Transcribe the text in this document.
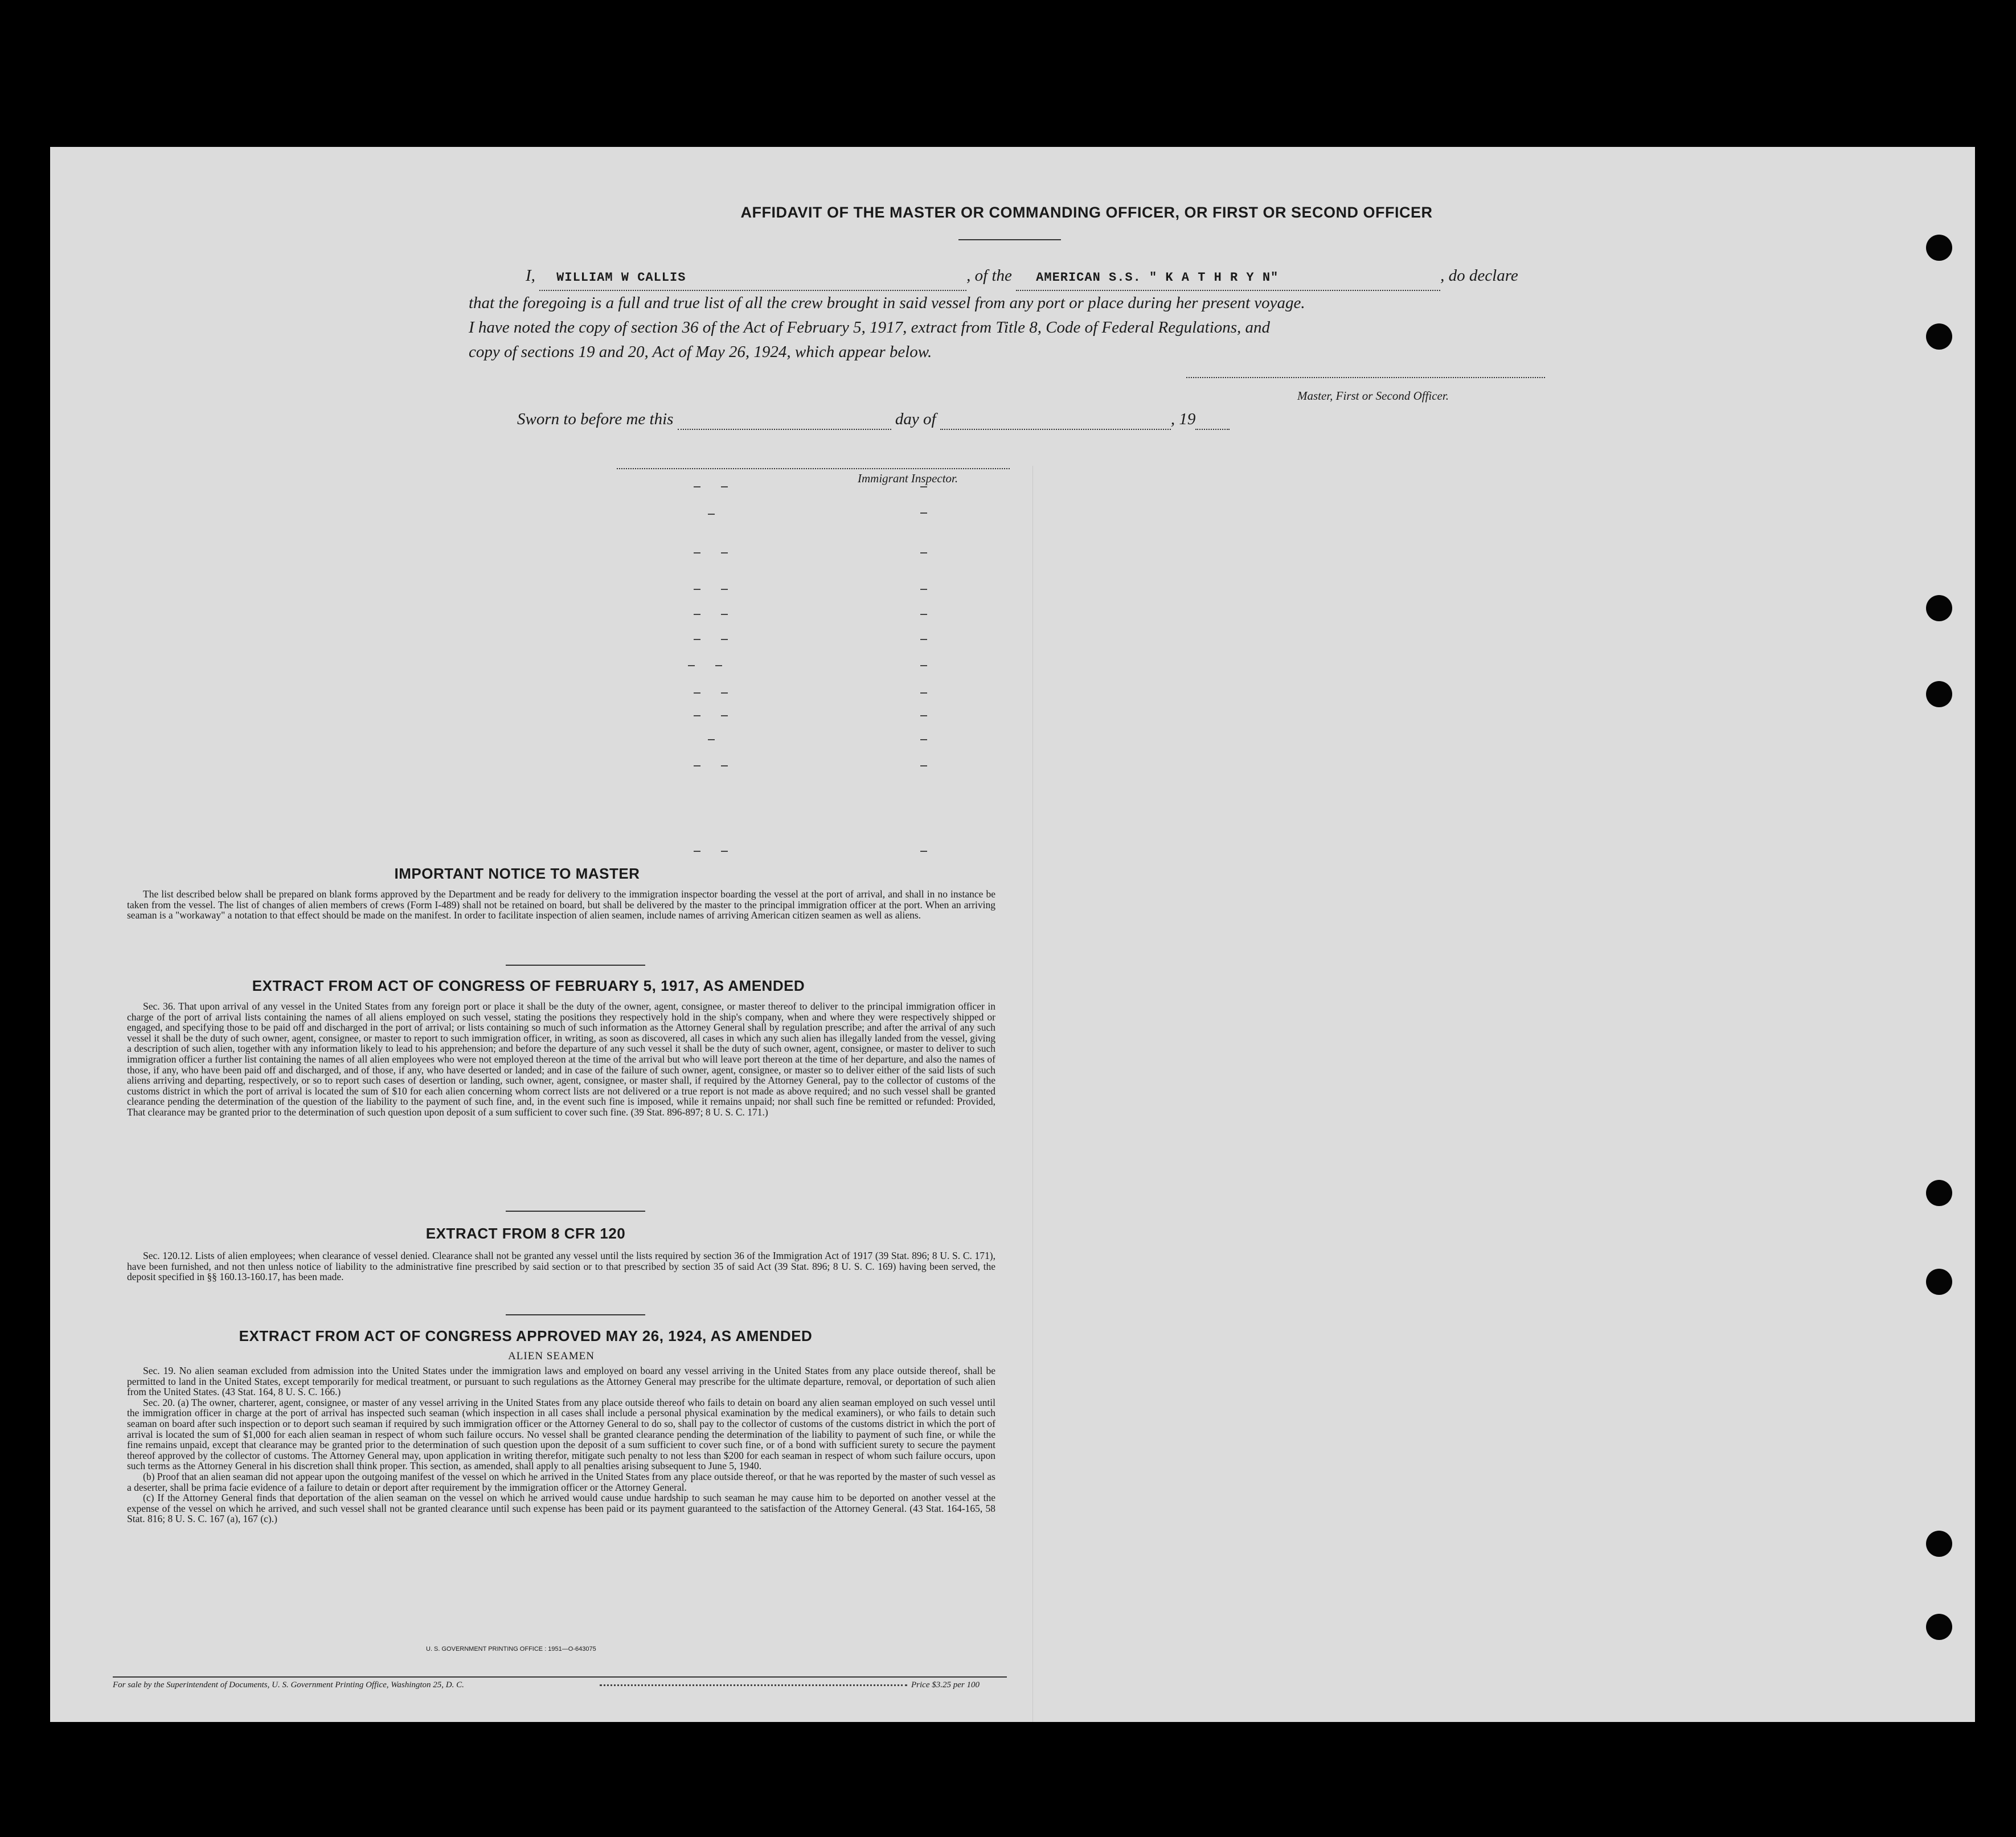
AFFIDAVIT OF THE MASTER OR COMMANDING OFFICER, OR FIRST OR SECOND OFFICER
I, WILLIAM W CALLIS	, of the AMERICAN S.S. " K A T H R Y N"	, do declare
that the foregoing is a full and true list of all the crew brought in said vessel from any port or place during her present voyage.
I have noted the copy of section 36 of the Act of February 5, 1917, extract from Title 8, Code of Federal Regulations, and
copy of sections 19 and 20, Act of May 26, 1924, which appear below.
Master, First or Second Officer.
Sworn to before me this	day of	, 19
Immigrant Inspector.
IMPORTANT NOTICE TO MASTER

The list described below shall be prepared on blank forms approved by the Department and be ready for delivery to the immigration inspector boarding the vessel at the port of arrival, and shall in no instance be taken from the vessel. The list of changes of alien members of crews (Form I-489) shall not be retained on board, but shall be delivered by the master to the principal immigration officer at the port. When an arriving seaman is a "workaway" a notation to that effect should be made on the manifest. In order to facilitate inspection of alien seamen, include names of arriving American citizen seamen as well as aliens.

EXTRACT FROM ACT OF CONGRESS OF FEBRUARY 5, 1917, AS AMENDED

Sec. 36. That upon arrival of any vessel in the United States from any foreign port or place it shall be the duty of the owner, agent, consignee, or master thereof to deliver to the principal immigration officer in charge of the port of arrival lists containing the names of all aliens employed on such vessel, stating the positions they respectively hold in the ship's company, when and where they were respectively shipped or engaged, and specifying those to be paid off and discharged in the port of arrival; or lists containing so much of such information as the Attorney General shall by regulation prescribe; and after the arrival of any such vessel it shall be the duty of such owner, agent, consignee, or master to report to such immigration officer, in writing, as soon as discovered, all cases in which any such alien has illegally landed from the vessel, giving a description of such alien, together with any information likely to lead to his apprehension; and before the departure of any such vessel it shall be the duty of such owner, agent, consignee, or master to deliver to such immigration officer a further list containing the names of all alien employees who were not employed thereon at the time of the arrival but who will leave port thereon at the time of her departure, and also the names of those, if any, who have been paid off and discharged, and of those, if any, who have deserted or landed; and in case of the failure of such owner, agent, consignee, or master so to deliver either of the said lists of such aliens arriving and departing, respectively, or so to report such cases of desertion or landing, such owner, agent, consignee, or master shall, if required by the Attorney General, pay to the collector of customs of the customs district in which the port of arrival is located the sum of $10 for each alien concerning whom correct lists are not delivered or a true report is not made as above required; and no such vessel shall be granted clearance pending the determination of the question of the liability to the payment of such fine, and, in the event such fine is imposed, while it remains unpaid; nor shall such fine be remitted or refunded: Provided, That clearance may be granted prior to the determination of such question upon deposit of a sum sufficient to cover such fine. (39 Stat. 896-897; 8 U. S. C. 171.)

EXTRACT FROM 8 CFR 120

Sec. 120.12. Lists of alien employees; when clearance of vessel denied. Clearance shall not be granted any vessel until the lists required by section 36 of the Immigration Act of 1917 (39 Stat. 896; 8 U. S. C. 171), have been furnished, and not then unless notice of liability to the administrative fine prescribed by said section or to that prescribed by section 35 of said Act (39 Stat. 896; 8 U. S. C. 169) having been served, the deposit specified in §§ 160.13-160.17, has been made.

EXTRACT FROM ACT OF CONGRESS APPROVED MAY 26, 1924, AS AMENDED
ALIEN SEAMEN

Sec. 19. No alien seaman excluded from admission into the United States under the immigration laws and employed on board any vessel arriving in the United States from any place outside thereof, shall be permitted to land in the United States, except temporarily for medical treatment, or pursuant to such regulations as the Attorney General may prescribe for the ultimate departure, removal, or deportation of such alien from the United States. (43 Stat. 164, 8 U. S. C. 166.)

Sec. 20. (a) The owner, charterer, agent, consignee, or master of any vessel arriving in the United States from any place outside thereof who fails to detain on board any alien seaman employed on such vessel until the immigration officer in charge at the port of arrival has inspected such seaman (which inspection in all cases shall include a personal physical examination by the medical examiners), or who fails to detain such seaman on board after such inspection or to deport such seaman if required by such immigration officer or the Attorney General to do so, shall pay to the collector of customs of the customs district in which the port of arrival is located the sum of $1,000 for each alien seaman in respect of whom such failure occurs. No vessel shall be granted clearance pending the determination of the liability to payment of such fine, or while the fine remains unpaid, except that clearance may be granted prior to the determination of such question upon the deposit of a sum sufficient to cover such fine, or of a bond with sufficient surety to secure the payment thereof approved by the collector of customs. The Attorney General may, upon application in writing therefor, mitigate such penalty to not less than $200 for each seaman in respect of whom such failure occurs, upon such terms as the Attorney General in his discretion shall think proper. This section, as amended, shall apply to all penalties arising subsequent to June 5, 1940.

(b) Proof that an alien seaman did not appear upon the outgoing manifest of the vessel on which he arrived in the United States from any place outside thereof, or that he was reported by the master of such vessel as a deserter, shall be prima facie evidence of a failure to detain or deport after requirement by the immigration officer or the Attorney General.

(c) If the Attorney General finds that deportation of the alien seaman on the vessel on which he arrived would cause undue hardship to such seaman he may cause him to be deported on another vessel at the expense of the vessel on which he arrived, and such vessel shall not be granted clearance until such expense has been paid or its payment guaranteed to the satisfaction of the Attorney General. (43 Stat. 164-165, 58 Stat. 816; 8 U. S. C. 167 (a), 167 (c).)

U. S. GOVERNMENT PRINTING OFFICE : 1951—O-643075
For sale by the Superintendent of Documents, U. S. Government Printing Office, Washington 25, D. C.	Price $3.25 per 100
